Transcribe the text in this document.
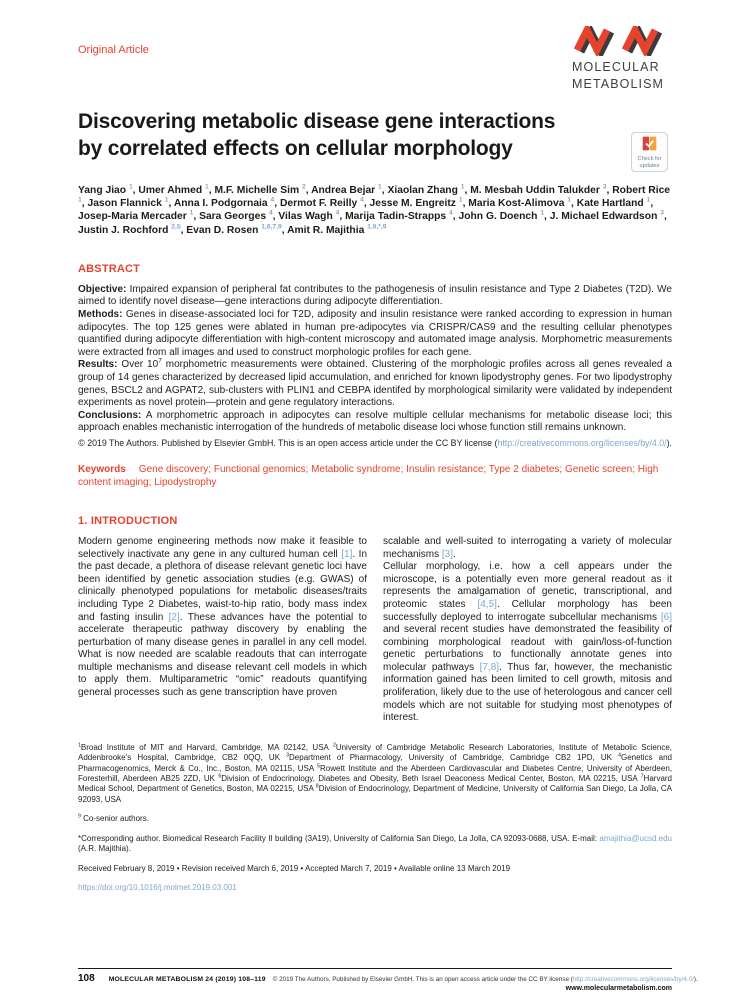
Original Article
MOLECULAR
METABOLISM
Discovering metabolic disease gene interactions
by correlated effects on cellular morphology	Check for
updates

Yang Jiao $^1$, Umer Ahmed $^1$, M.F. Michelle Sim $^2$, Andrea Bejar $^1$, Xiaolan Zhang $^1$, M. Mesbah Uddin Talukder $^3$, Robert Rice $^1$, Jason Flannick $^1$, Anna I. Podgornaia $^4$, Dermot F. Reilly $^4$, Jesse M. Engreitz $^1$, Maria Kost-Alimova $^1$, Kate Hartland $^1$, Josep-Maria Mercader $^1$, Sara Georges $^4$, Vilas Wagh $^4$, Marija Tadin-Strapps $^4$, John G. Doench $^1$, J. Michael Edwardson $^3$, Justin J. Rochford $^{2,5}$, Evan D. Rosen $^{1,6,7,9}$, Amit R. Majithia $^{1,8,*,9}$

ABSTRACT

Objective: Impaired expansion of peripheral fat contributes to the pathogenesis of insulin resistance and Type 2 Diabetes (T2D). We aimed to identify novel disease—gene interactions during adipocyte differentiation.

Methods: Genes in disease-associated loci for T2D, adiposity and insulin resistance were ranked according to expression in human adipocytes. The top 125 genes were ablated in human pre-adipocytes via CRISPR/CAS9 and the resulting cellular phenotypes quantified during adipocyte differentiation with high-content microscopy and automated image analysis. Morphometric measurements were extracted from all images and used to construct morphologic profiles for each gene.

Results: Over $10^7$ morphometric measurements were obtained. Clustering of the morphologic profiles across all genes revealed a group of 14 genes characterized by decreased lipid accumulation, and enriched for known lipodystrophy genes. For two lipodystrophy genes, BSCL2 and AGPAT2, sub-clusters with PLIN1 and CEBPA identifed by morphological similarity were validated by independent experiments as novel protein—protein and gene regulatory interactions.

Conclusions: A morphometric approach in adipocytes can resolve multiple cellular mechanisms for metabolic disease loci; this approach enables mechanistic interrogation of the hundreds of metabolic disease loci whose function still remains unknown.

© 2019 The Authors. Published by Elsevier GmbH. This is an open access article under the CC BY license (http://creativecommons.org/licenses/by/4.0/).

Keywords Gene discovery; Functional genomics; Metabolic syndrome; Insulin resistance; Type 2 diabetes; Genetic screen; High content imaging; Lipodystrophy

1. INTRODUCTION

Modern genome engineering methods now make it feasible to selectively inactivate any gene in any cultured human cell [1]. In the past decade, a plethora of disease relevant genetic loci have been identified by genetic association studies (e.g. GWAS) of clinically phenotyped populations for metabolic diseases/traits including Type 2 Diabetes, waist-to-hip ratio, body mass index and fasting insulin [2]. These advances have the potential to accelerate therapeutic pathway discovery by enabling the perturbation of many disease genes in parallel in any cell model. What is now needed are scalable readouts that can interrogate multiple mechanisms and disease relevant cell models in which to apply them. Multiparametric “omic” readouts quantifying general processes such as gene transcription have proven

scalable and well-suited to interrogating a variety of molecular mechanisms [3].

Cellular morphology, i.e. how a cell appears under the microscope, is a potentially even more general readout as it represents the amalgamation of genetic, transcriptional, and proteomic states [4,5]. Cellular morphology has been successfully deployed to interrogate subcellular mechanisms [6] and several recent studies have demonstrated the feasibility of combining morphological readout with gain/loss-of-function genetic perturbations to functionally annotate genes into molecular pathways [7,8]. Thus far, however, the mechanistic information gained has been limited to cell growth, mitosis and proliferation, likely due to the use of heterologous and cancer cell models which are not suitable for studying most phenotypes of interest.

$^1$Broad Institute of MIT and Harvard, Cambridge, MA 02142, USA $^2$University of Cambridge Metabolic Research Laboratories, Institute of Metabolic Science, Addenbrooke’s Hospital, Cambridge, CB2 0QQ, UK $^3$Department of Pharmacology, University of Cambridge, Cambridge CB2 1PD, UK $^4$Genetics and Pharmacogenomics, Merck & Co., Inc., Boston, MA 02115, USA $^5$Rowett Institute and the Aberdeen Cardiovascular and Diabetes Centre, University of Aberdeen, Foresterhill, Aberdeen AB25 2ZD, UK $^6$Division of Endocrinology, Diabetes and Obesity, Beth Israel Deaconess Medical Center, Boston, MA 02215, USA $^7$Harvard Medical School, Department of Genetics, Boston, MA 02215, USA $^8$Division of Endocrinology, Department of Medicine, University of California San Diego, La Jolla, CA 92093, USA

$^9$ Co-senior authors.

*Corresponding author. Biomedical Research Facility II building (3A19), University of California San Diego, La Jolla, CA 92093-0688, USA. E-mail: amajithia@ucsd.edu (A.R. Majithia).

Received February 8, 2019 • Revision received March 6, 2019 • Accepted March 7, 2019 • Available online 13 March 2019

https://doi.org/10.1016/j.molmet.2019.03.001

108 MOLECULAR METABOLISM 24 (2019) 108–119 © 2019 The Authors. Published by Elsevier GmbH. This is an open access article under the CC BY license (http://creativecommons.org/licenses/by/4.0/).
www.molecularmetabolism.com
